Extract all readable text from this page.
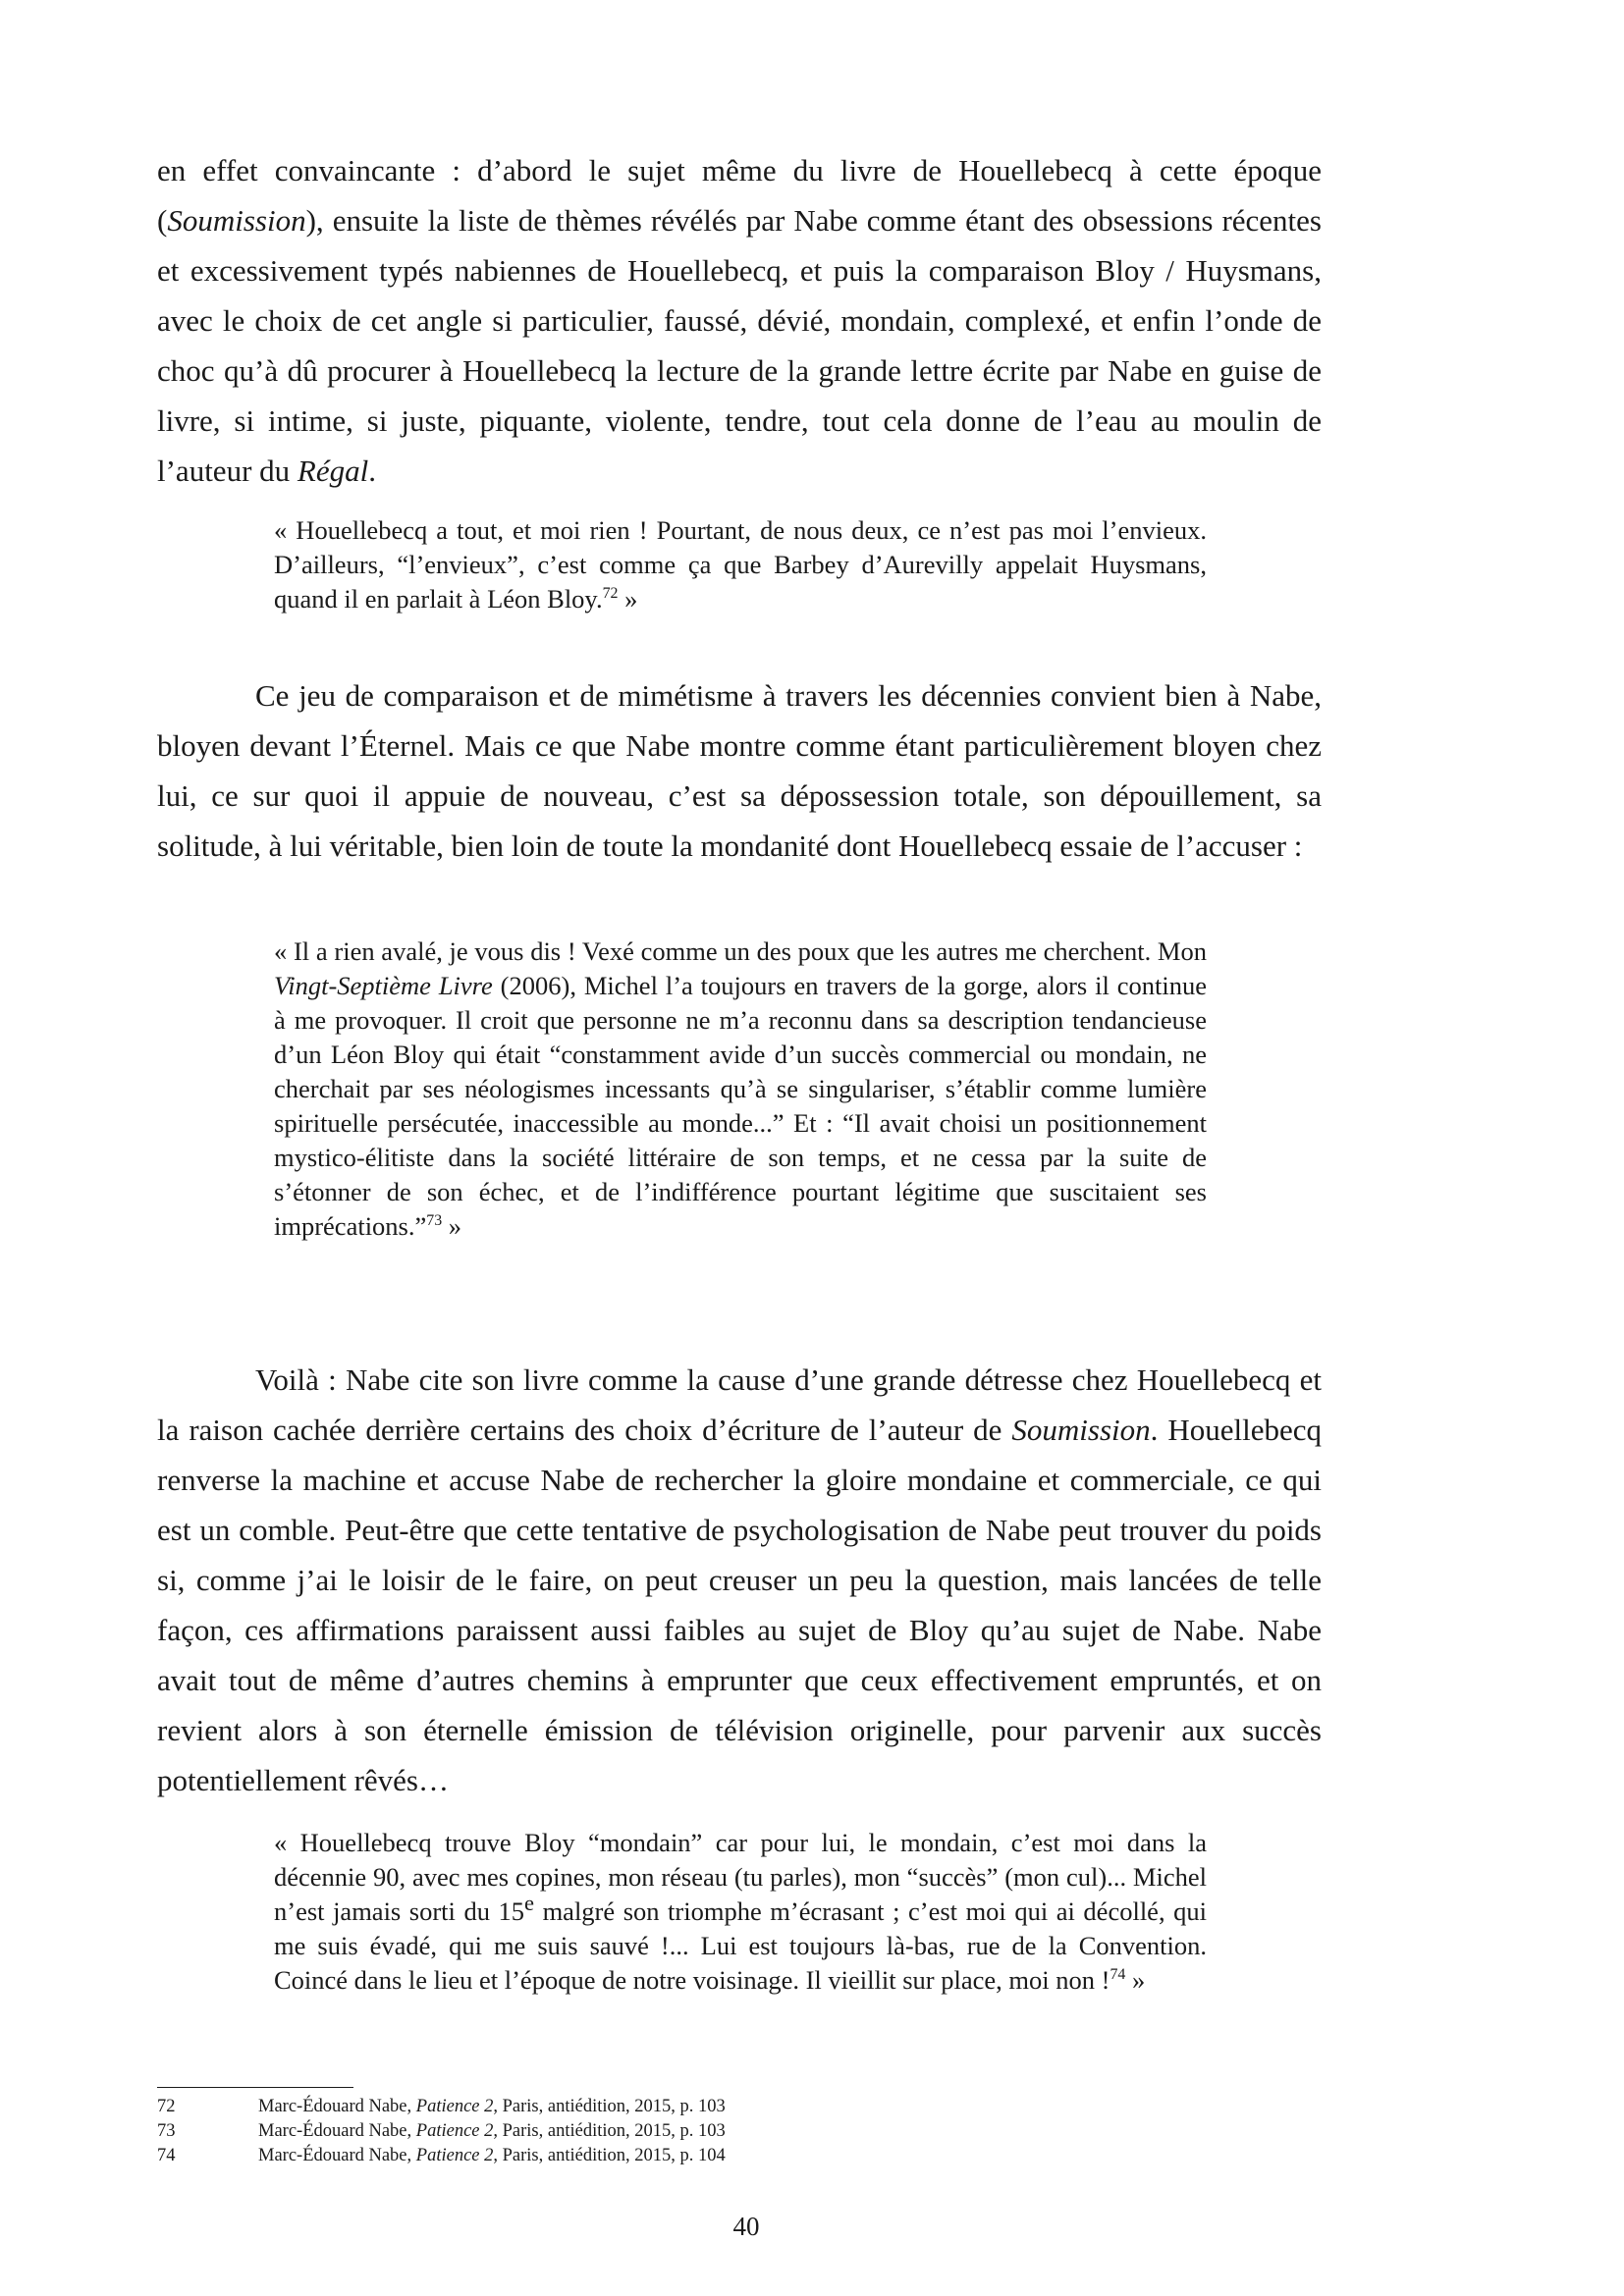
en effet convaincante : d’abord le sujet même du livre de Houellebecq à cette époque (Soumission), ensuite la liste de thèmes révélés par Nabe comme étant des obsessions récentes et excessivement typés nabiennes de Houellebecq, et puis la comparaison Bloy / Huysmans, avec le choix de cet angle si particulier, faussé, dévié, mondain, complexé, et enfin l’onde de choc qu’à dû procurer à Houellebecq la lecture de la grande lettre écrite par Nabe en guise de livre, si intime, si juste, piquante, violente, tendre, tout cela donne de l’eau au moulin de l’auteur du Régal.

« Houellebecq a tout, et moi rien ! Pourtant, de nous deux, ce n’est pas moi l’envieux. D’ailleurs, “l’envieux”, c’est comme ça que Barbey d’Aurevilly appelait Huysmans, quand il en parlait à Léon Bloy.$^{72}$ »

Ce jeu de comparaison et de mimétisme à travers les décennies convient bien à Nabe, bloyen devant l’Éternel. Mais ce que Nabe montre comme étant particulièrement bloyen chez lui, ce sur quoi il appuie de nouveau, c’est sa dépossession totale, son dépouillement, sa solitude, à lui véritable, bien loin de toute la mondanité dont Houellebecq essaie de l’accuser :

« Il a rien avalé, je vous dis ! Vexé comme un des poux que les autres me cherchent. Mon Vingt-Septième Livre (2006), Michel l’a toujours en travers de la gorge, alors il continue à me provoquer. Il croit que personne ne m’a reconnu dans sa description tendancieuse d’un Léon Bloy qui était “constamment avide d’un succès commercial ou mondain, ne cherchait par ses néologismes incessants qu’à se singulariser, s’établir comme lumière spirituelle persécutée, inaccessible au monde...” Et : “Il avait choisi un positionnement mystico-élitiste dans la société littéraire de son temps, et ne cessa par la suite de s’étonner de son échec, et de l’indifférence pourtant légitime que suscitaient ses imprécations.”$^{73}$ »

Voilà : Nabe cite son livre comme la cause d’une grande détresse chez Houellebecq et la raison cachée derrière certains des choix d’écriture de l’auteur de Soumission. Houellebecq renverse la machine et accuse Nabe de rechercher la gloire mondaine et commerciale, ce qui est un comble. Peut-être que cette tentative de psychologisation de Nabe peut trouver du poids si, comme j’ai le loisir de le faire, on peut creuser un peu la question, mais lancées de telle façon, ces affirmations paraissent aussi faibles au sujet de Bloy qu’au sujet de Nabe. Nabe avait tout de même d’autres chemins à emprunter que ceux effectivement empruntés, et on revient alors à son éternelle émission de télévision originelle, pour parvenir aux succès potentiellement rêvés…

« Houellebecq trouve Bloy “mondain” car pour lui, le mondain, c’est moi dans la décennie 90, avec mes copines, mon réseau (tu parles), mon “succès” (mon cul)... Michel n’est jamais sorti du 15e malgré son triomphe m’écrasant ; c’est moi qui ai décollé, qui me suis évadé, qui me suis sauvé !... Lui est toujours là-bas, rue de la Convention. Coincé dans le lieu et l’époque de notre voisinage. Il vieillit sur place, moi non !$^{74}$ »

72	Marc-Édouard Nabe, Patience 2, Paris, antiédition, 2015, p. 103
73	Marc-Édouard Nabe, Patience 2, Paris, antiédition, 2015, p. 103
74	Marc-Édouard Nabe, Patience 2, Paris, antiédition, 2015, p. 104
40
